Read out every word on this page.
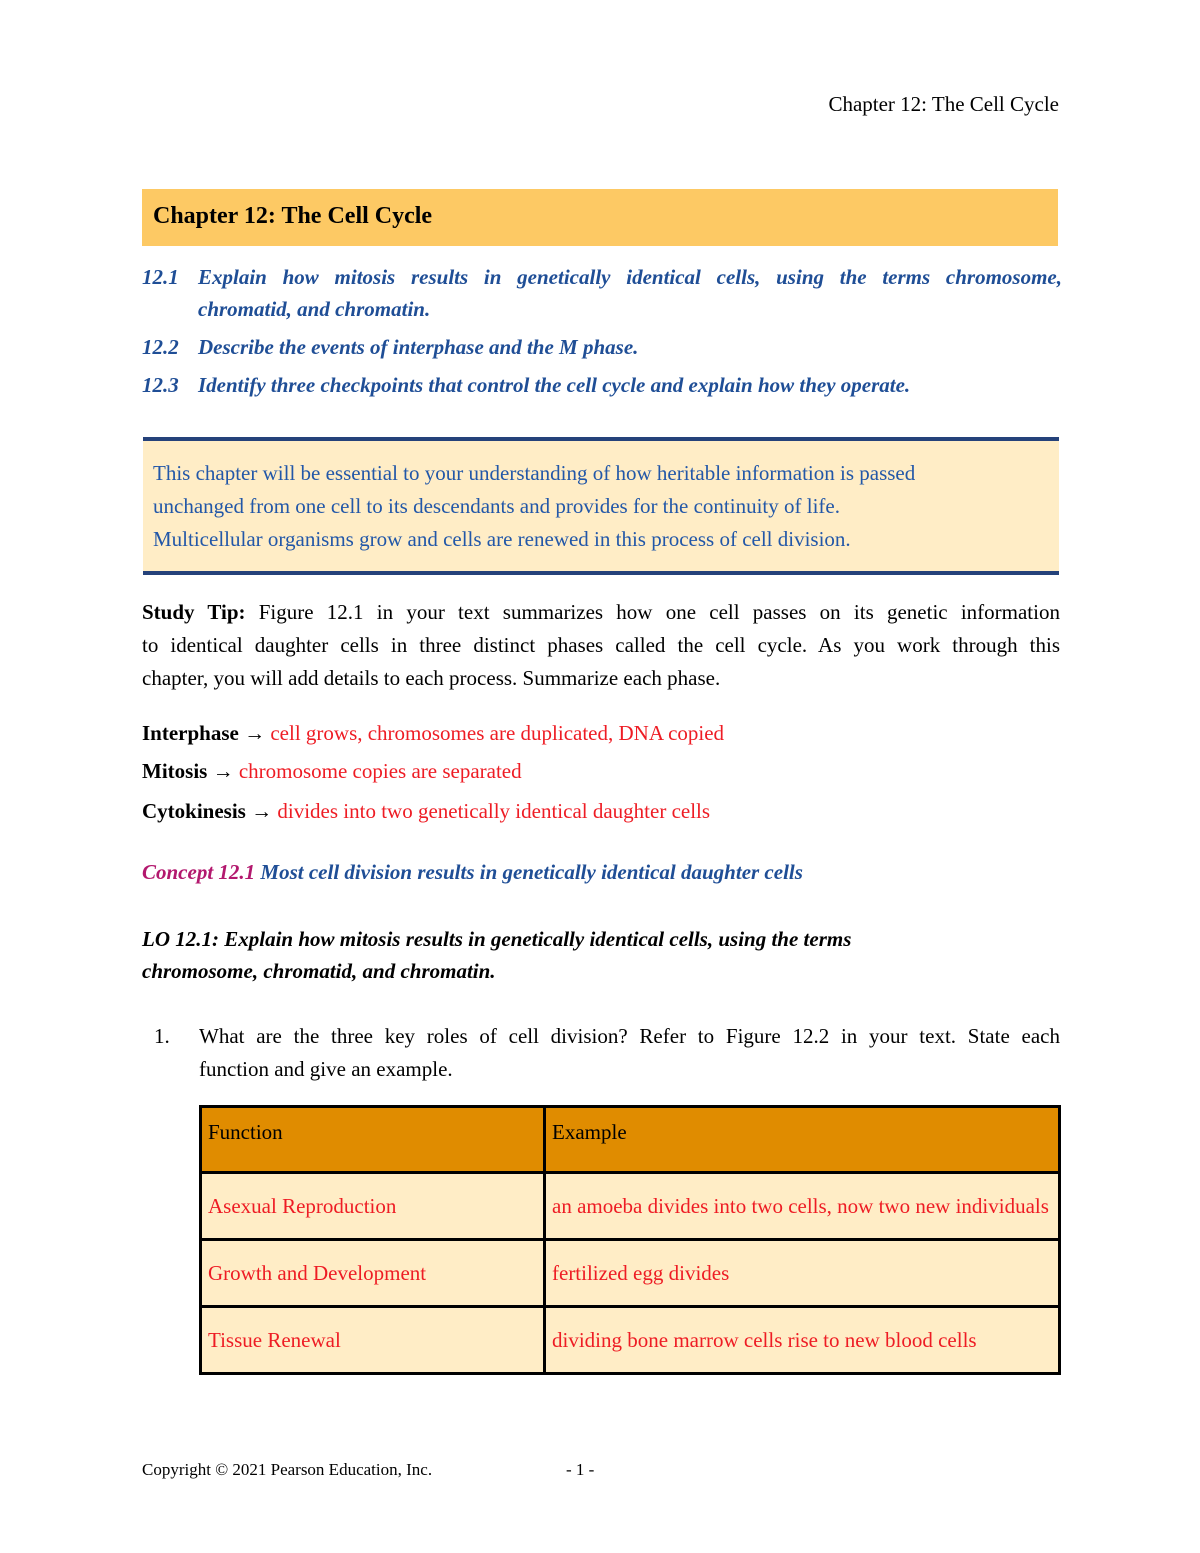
Chapter 12: The Cell Cycle
Chapter 12: The Cell Cycle
12.1 Explain how mitosis results in genetically identical cells, using the terms chromosome,
chromatid, and chromatin.
12.2 Describe the events of interphase and the M phase.
12.3 Identify three checkpoints that control the cell cycle and explain how they operate.
This chapter will be essential to your understanding of how heritable information is passed
unchanged from one cell to its descendants and provides for the continuity of life.
Multicellular organisms grow and cells are renewed in this process of cell division.
Study Tip: Figure 12.1 in your text summarizes how one cell passes on its genetic information
to identical daughter cells in three distinct phases called the cell cycle. As you work through this
chapter, you will add details to each process. Summarize each phase.
Interphase → cell grows, chromosomes are duplicated, DNA copied
Mitosis → chromosome copies are separated
Cytokinesis → divides into two genetically identical daughter cells
Concept 12.1 Most cell division results in genetically identical daughter cells
LO 12.1: Explain how mitosis results in genetically identical cells, using the terms
chromosome, chromatid, and chromatin.
1.	What are the three key roles of cell division? Refer to Figure 12.2 in your text. State each
function and give an example.
Function	Example
Asexual Reproduction	an amoeba divides into two cells, now two new individuals
Growth and Development	fertilized egg divides
Tissue Renewal	dividing bone marrow cells rise to new blood cells
Copyright © 2021 Pearson Education, Inc.	- 1 -
